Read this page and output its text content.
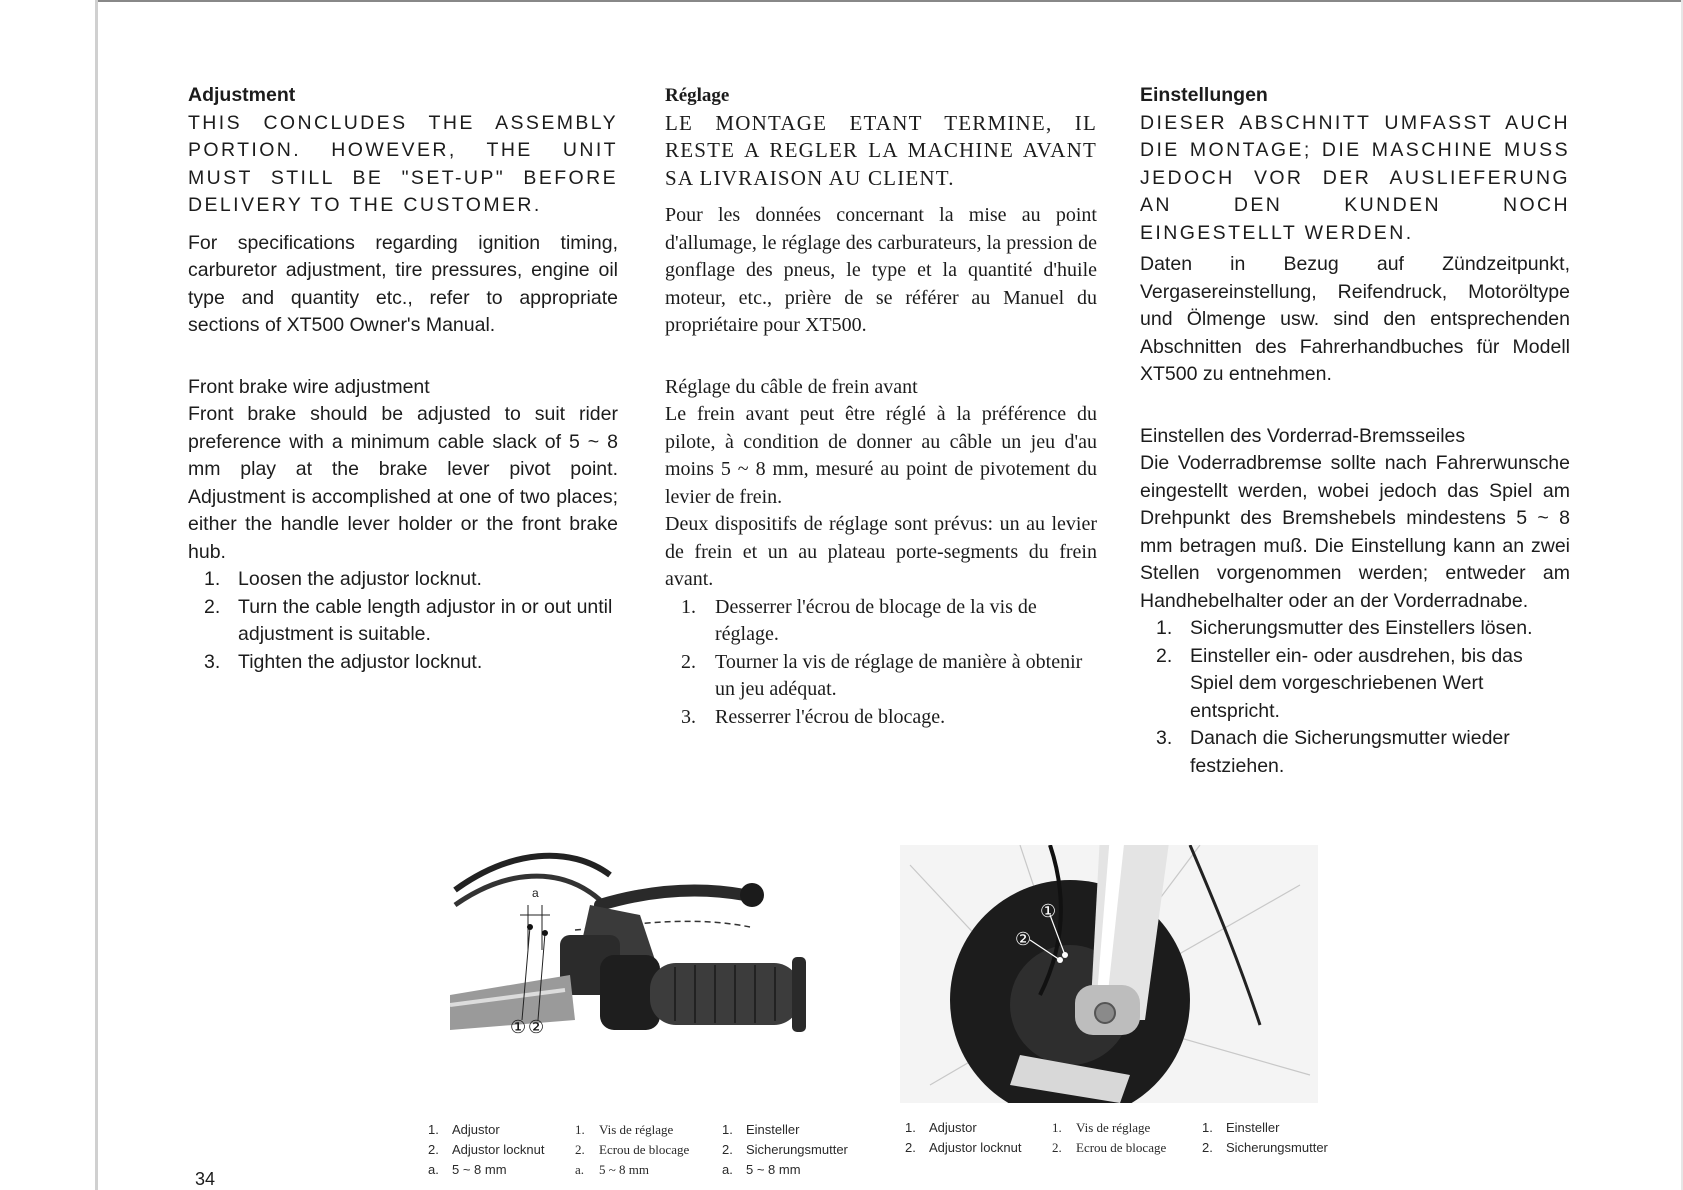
Adjustment

THIS CONCLUDES THE ASSEMBLY PORTION. HOWEVER, THE UNIT MUST STILL BE "SET-UP" BEFORE DELIVERY TO THE CUSTOMER.

For specifications regarding ignition timing, carburetor adjustment, tire pressures, engine oil type and quantity etc., refer to appropriate sections of XT500 Owner's Manual.

Front brake wire adjustment

Front brake should be adjusted to suit rider preference with a minimum cable slack of 5 ~ 8 mm play at the brake lever pivot point. Adjustment is accomplished at one of two places; either the handle lever holder or the front brake hub.

1. Loosen the adjustor locknut.
2. Turn the cable length adjustor in or out until adjustment is suitable.
3. Tighten the adjustor locknut.
Réglage

LE MONTAGE ETANT TERMINE, IL RESTE A REGLER LA MACHINE AVANT SA LIVRAISON AU CLIENT.

Pour les données concernant la mise au point d'allumage, le réglage des carburateurs, la pression de gonflage des pneus, le type et la quantité d'huile moteur, etc., prière de se référer au Manuel du propriétaire pour XT500.

Réglage du câble de frein avant

Le frein avant peut être réglé à la préférence du pilote, à condition de donner au câble un jeu d'au moins 5 ~ 8 mm, mesuré au point de pivotement du levier de frein.

Deux dispositifs de réglage sont prévus: un au levier de frein et un au plateau porte-segments du frein avant.

1. Desserrer l'écrou de blocage de la vis de réglage.
2. Tourner la vis de réglage de manière à obtenir un jeu adéquat.
3. Resserrer l'écrou de blocage.
Einstellungen

DIESER ABSCHNITT UMFASST AUCH DIE MONTAGE; DIE MASCHINE MUSS JEDOCH VOR DER AUSLIEFERUNG AN DEN KUNDEN NOCH EINGESTELLT WERDEN.

Daten in Bezug auf Zündzeitpunkt, Vergasereinstellung, Reifendruck, Motoröltype und Ölmenge usw. sind den entsprechenden Abschnitten des Fahrerhandbuches für Modell XT500 zu entnehmen.

Einstellen des Vorderrad-Bremsseiles

Die Voderradbremse sollte nach Fahrerwunsche eingestellt werden, wobei jedoch das Spiel am Drehpunkt des Bremshebels mindestens 5 ~ 8 mm betragen muß. Die Einstellung kann an zwei Stellen vorgenommen werden; entweder am Handhebelhalter oder an der Vorderradnabe.

1. Sicherungsmutter des Einstellers lösen.
2. Einsteller ein- oder ausdrehen, bis das Spiel dem vorgeschriebenen Wert entspricht.
3. Danach die Sicherungsmutter wieder festziehen.
a
① ②
①
②
1. Adjustor
2. Adjustor locknut
a. 5 ~ 8 mm
1. Vis de réglage
2. Ecrou de blocage
a. 5 ~ 8 mm
1. Einsteller
2. Sicherungsmutter
a. 5 ~ 8 mm
1. Adjustor
2. Adjustor locknut
1. Vis de réglage
2. Ecrou de blocage
1. Einsteller
2. Sicherungsmutter
34
